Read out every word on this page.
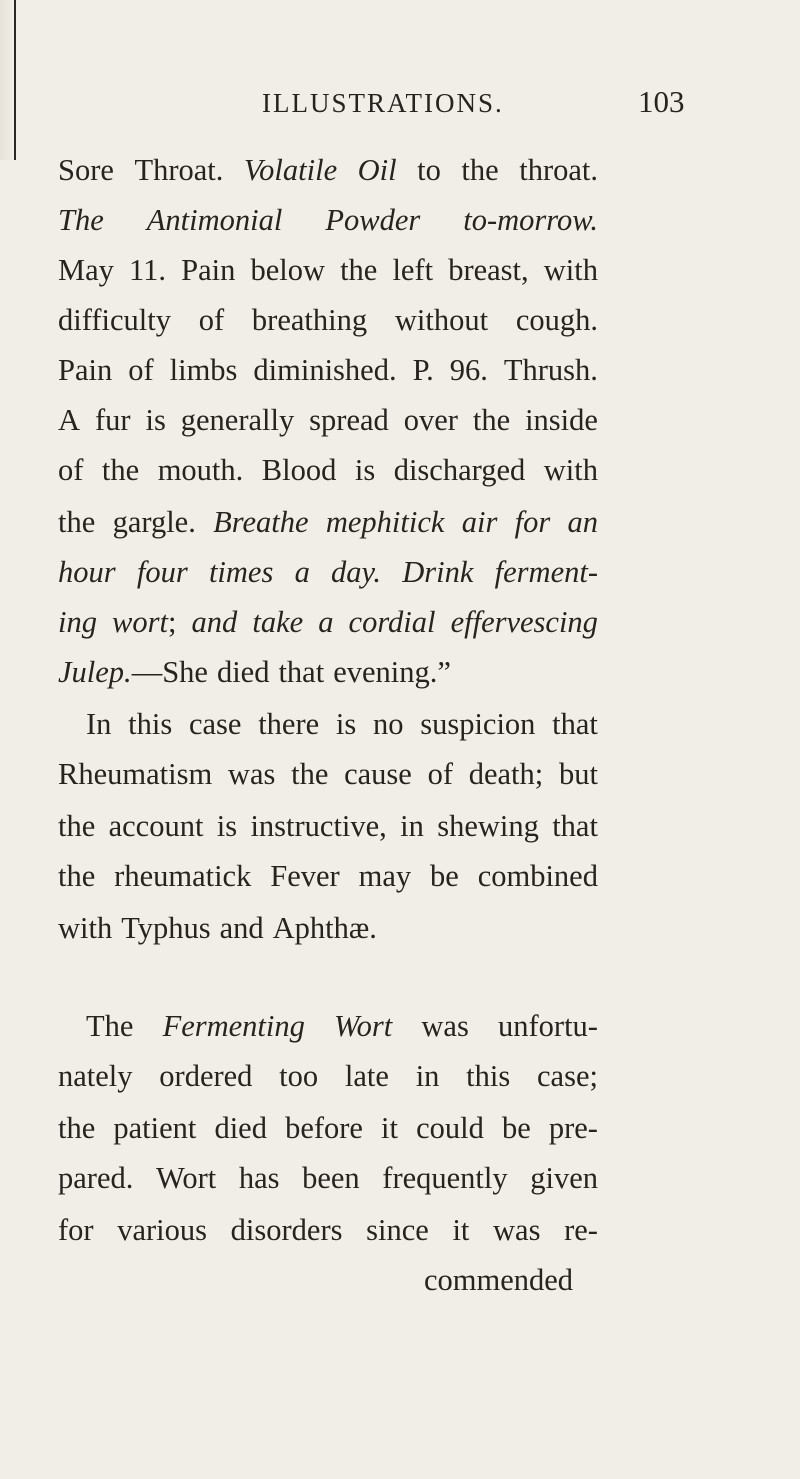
ILLUSTRATIONS.	103
Sore Throat. Volatile Oil to the throat.
The Antimonial Powder to-morrow.
May 11. Pain below the left breast, with
difficulty of breathing without cough.
Pain of limbs diminished. P. 96. Thrush.
A fur is generally spread over the inside
of the mouth. Blood is discharged with
the gargle. Breathe mephitick air for an
hour four times a day. Drink ferment-
ing wort; and take a cordial effervescing
Julep.—She died that evening.”
In this case there is no suspicion that
Rheumatism was the cause of death; but
the account is instructive, in shewing that
the rheumatick Fever may be combined
with Typhus and Aphthæ.
The Fermenting Wort was unfortu-
nately ordered too late in this case;
the patient died before it could be pre-
pared. Wort has been frequently given
for various disorders since it was re-
commended
